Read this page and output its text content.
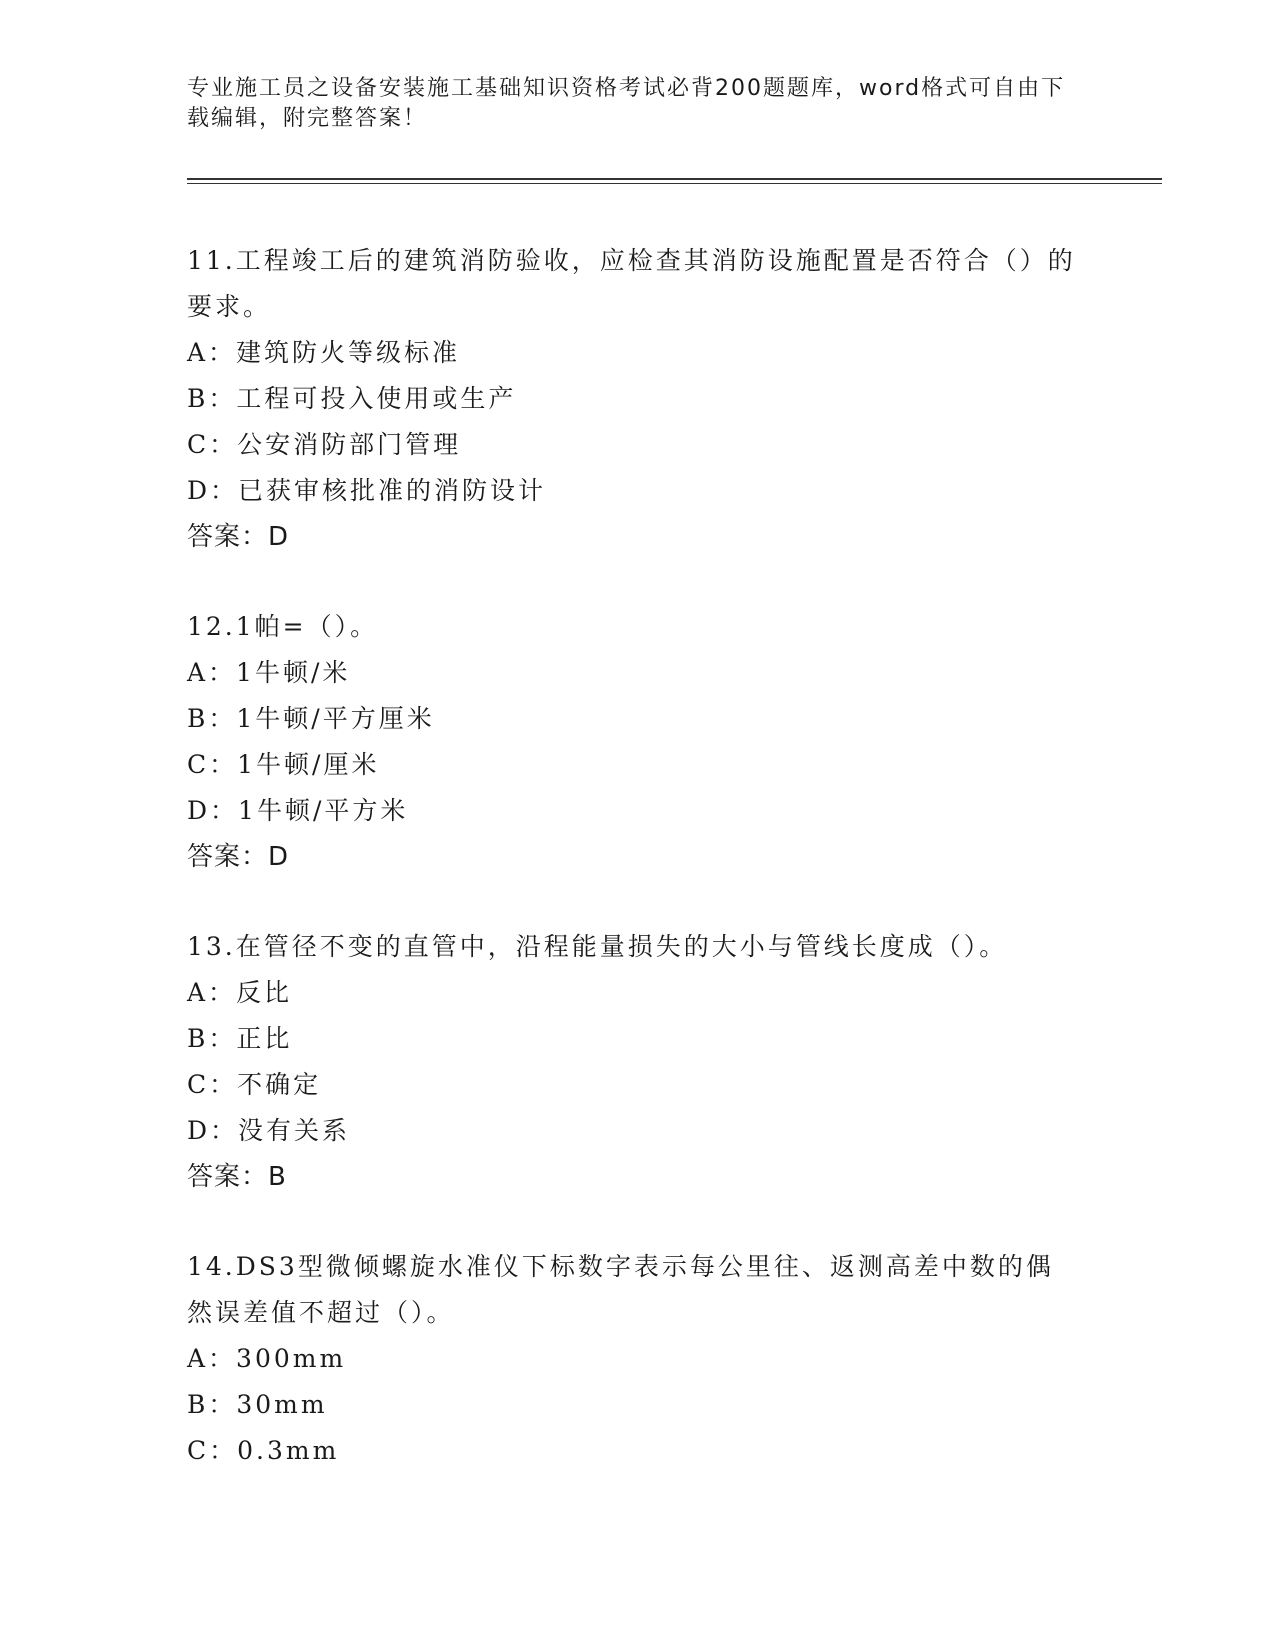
专业施工员之设备安装施工基础知识资格考试必背200题题库，word格式可自由下载编辑，附完整答案！
11.工程竣工后的建筑消防验收，应检查其消防设施配置是否符合（）的要求。
A：建筑防火等级标准
B：工程可投入使用或生产
C：公安消防部门管理
D：已获审核批准的消防设计
答案：D
12.1帕=（）。
A：1牛顿/米
B：1牛顿/平方厘米
C：1牛顿/厘米
D：1牛顿/平方米
答案：D
13.在管径不变的直管中，沿程能量损失的大小与管线长度成（）。
A：反比
B：正比
C：不确定
D：没有关系
答案：B
14.DS3型微倾螺旋水准仪下标数字表示每公里往、返测高差中数的偶然误差值不超过（）。
A：300mm
B：30mm
C：0.3mm
